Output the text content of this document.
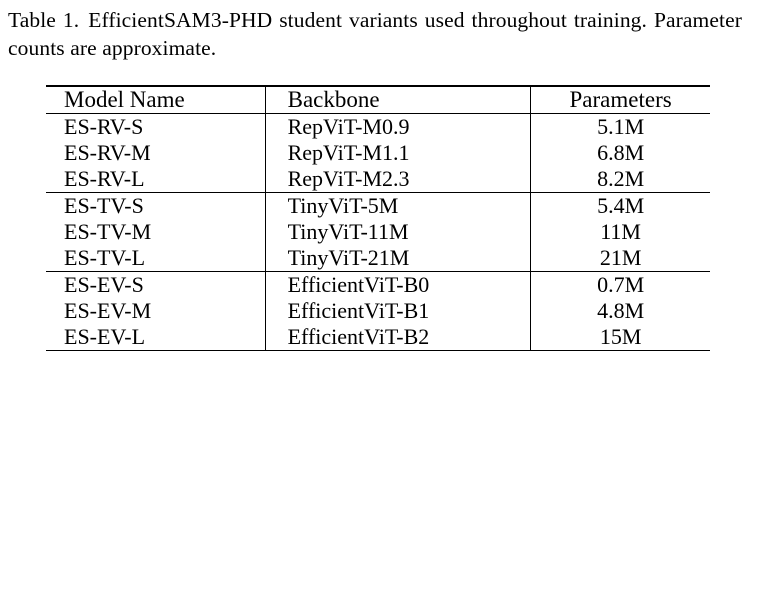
Table 1. EfficientSAM3-PHD student variants used throughout training. Parameter counts are approximate.

Model Name	Backbone	Parameters

ES-RV-S	RepViT-M0.9	5.1M
ES-RV-M	RepViT-M1.1	6.8M
ES-RV-L	RepViT-M2.3	8.2M

ES-TV-S	TinyViT-5M	5.4M
ES-TV-M	TinyViT-11M	11M
ES-TV-L	TinyViT-21M	21M

ES-EV-S	EfficientViT-B0	0.7M
ES-EV-M	EfficientViT-B1	4.8M
ES-EV-L	EfficientViT-B2	15M
